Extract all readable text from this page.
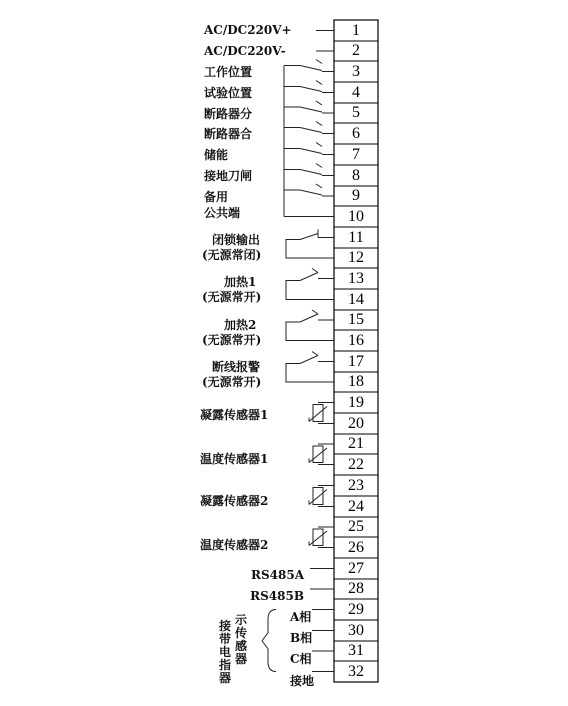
1
2
3
4
5
6
7
8
9
10
11
12
13
14
15
16
17
18
19
20
21
22
23
24
25
26
27
28
29
30
31
32
AC/DC220V+
AC/DC220V-
工作位置
试验位置
断路器分
断路器合
储能
接地刀闸
备用
公共端
闭锁输出
(无源常闭)
加热1
(无源常开)
加热2
(无源常开)
断线报警
(无源常开)
凝露传感器1
温度传感器1
凝露传感器2
温度传感器2
RS485A
RS485B
A相
B相
C相
接地
接带电指器
示传感器
